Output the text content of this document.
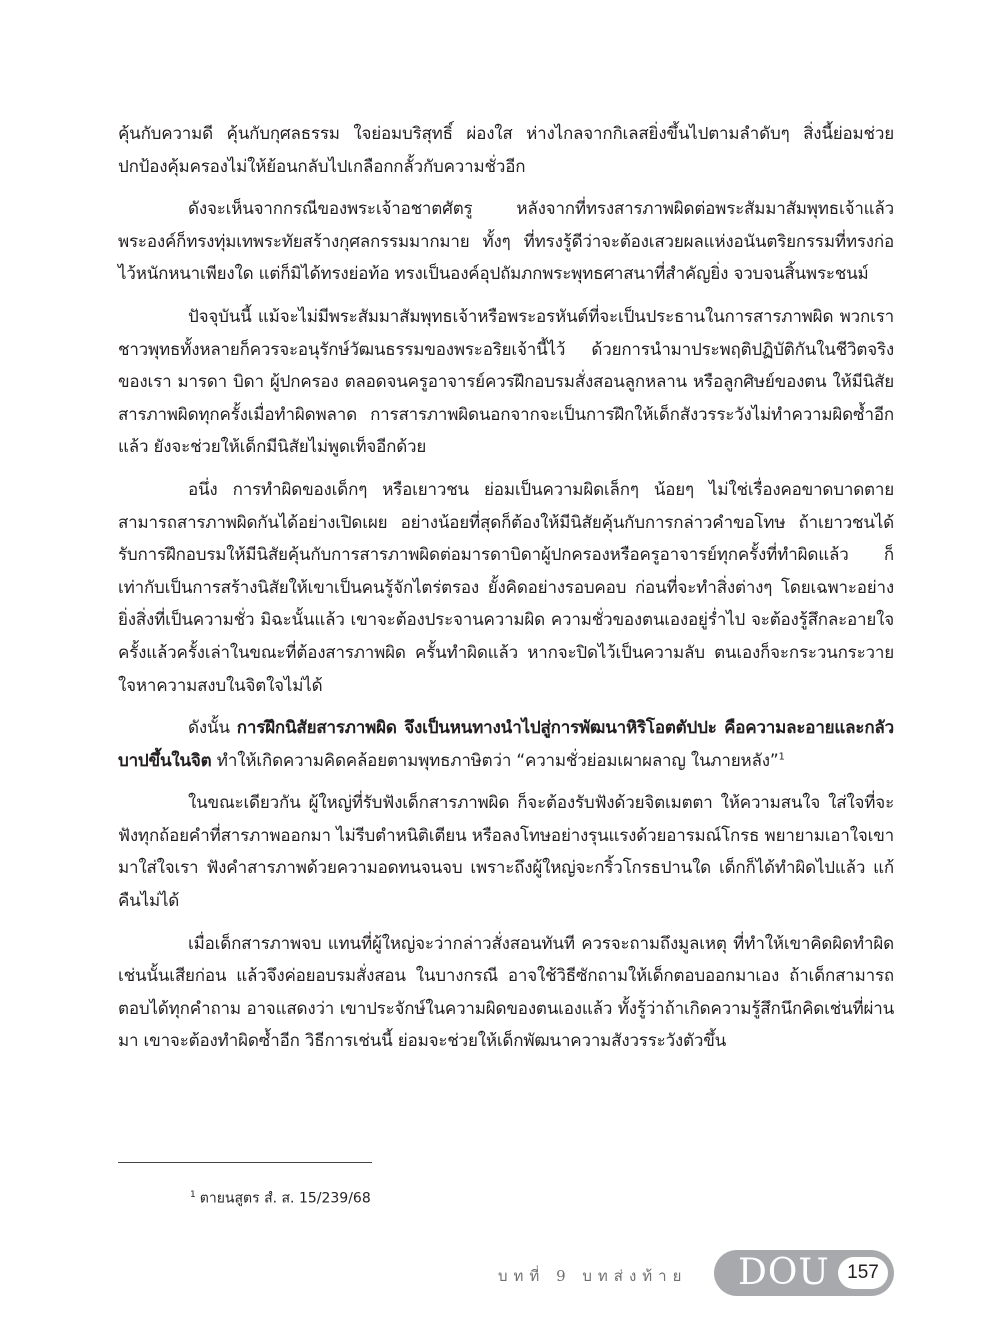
คุ้นกับความดี คุ้นกับกุศลธรรม ใจย่อมบริสุทธิ์ ผ่องใส ห่างไกลจากกิเลสยิ่งขึ้นไปตามลำดับๆ สิ่งนี้ย่อมช่วยปกป้องคุ้มครองไม่ให้ย้อนกลับไปเกลือกกลั้วกับความชั่วอีก

ดังจะเห็นจากกรณีของพระเจ้าอชาตศัตรู หลังจากที่ทรงสารภาพผิดต่อพระสัมมาสัมพุทธเจ้าแล้ว พระองค์ก็ทรงทุ่มเทพระทัยสร้างกุศลกรรมมากมาย ทั้งๆ ที่ทรงรู้ดีว่าจะต้องเสวยผลแห่งอนันตริยกรรมที่ทรงก่อไว้หนักหนาเพียงใด แต่ก็มิได้ทรงย่อท้อ ทรงเป็นองค์อุปถัมภกพระพุทธศาสนาที่สำคัญยิ่ง จวบจนสิ้นพระชนม์

ปัจจุบันนี้ แม้จะไม่มีพระสัมมาสัมพุทธเจ้าหรือพระอรหันต์ที่จะเป็นประธานในการสารภาพผิด พวกเราชาวพุทธทั้งหลายก็ควรจะอนุรักษ์วัฒนธรรมของพระอริยเจ้านี้ไว้ ด้วยการนำมาประพฤติปฏิบัติกันในชีวิตจริงของเรา มารดา บิดา ผู้ปกครอง ตลอดจนครูอาจารย์ควรฝึกอบรมสั่งสอนลูกหลาน หรือลูกศิษย์ของตน ให้มีนิสัยสารภาพผิดทุกครั้งเมื่อทำผิดพลาด การสารภาพผิดนอกจากจะเป็นการฝึกให้เด็กสังวรระวังไม่ทำความผิดซ้ำอีกแล้ว ยังจะช่วยให้เด็กมีนิสัยไม่พูดเท็จอีกด้วย

อนึ่ง การทำผิดของเด็กๆ หรือเยาวชน ย่อมเป็นความผิดเล็กๆ น้อยๆ ไม่ใช่เรื่องคอขาดบาดตาย สามารถสารภาพผิดกันได้อย่างเปิดเผย อย่างน้อยที่สุดก็ต้องให้มีนิสัยคุ้นกับการกล่าวคำขอโทษ ถ้าเยาวชนได้รับการฝึกอบรมให้มีนิสัยคุ้นกับการสารภาพผิดต่อมารดาบิดาผู้ปกครองหรือครูอาจารย์ทุกครั้งที่ทำผิดแล้ว ก็เท่ากับเป็นการสร้างนิสัยให้เขาเป็นคนรู้จักไตร่ตรอง ยั้งคิดอย่างรอบคอบ ก่อนที่จะทำสิ่งต่างๆ โดยเฉพาะอย่างยิ่งสิ่งที่เป็นความชั่ว มิฉะนั้นแล้ว เขาจะต้องประจานความผิด ความชั่วของตนเองอยู่ร่ำไป จะต้องรู้สึกละอายใจครั้งแล้วครั้งเล่าในขณะที่ต้องสารภาพผิด ครั้นทำผิดแล้ว หากจะปิดไว้เป็นความลับ ตนเองก็จะกระวนกระวายใจหาความสงบในจิตใจไม่ได้

ดังนั้น การฝึกนิสัยสารภาพผิด จึงเป็นหนทางนำไปสู่การพัฒนาหิริโอตตัปปะ คือความละอายและกลัวบาปขึ้นในจิต ทำให้เกิดความคิดคล้อยตามพุทธภาษิตว่า “ความชั่วย่อมเผาผลาญ ในภายหลัง”$^1$

ในขณะเดียวกัน ผู้ใหญ่ที่รับฟังเด็กสารภาพผิด ก็จะต้องรับฟังด้วยจิตเมตตา ให้ความสนใจ ใส่ใจที่จะฟังทุกถ้อยคำที่สารภาพออกมา ไม่รีบตำหนิติเตียน หรือลงโทษอย่างรุนแรงด้วยอารมณ์โกรธ พยายามเอาใจเขามาใส่ใจเรา ฟังคำสารภาพด้วยความอดทนจนจบ เพราะถึงผู้ใหญ่จะกริ้วโกรธปานใด เด็กก็ได้ทำผิดไปแล้ว แก้คืนไม่ได้

เมื่อเด็กสารภาพจบ แทนที่ผู้ใหญ่จะว่ากล่าวสั่งสอนทันที ควรจะถามถึงมูลเหตุ ที่ทำให้เขาคิดผิดทำผิดเช่นนั้นเสียก่อน แล้วจึงค่อยอบรมสั่งสอน ในบางกรณี อาจใช้วิธีซักถามให้เด็กตอบออกมาเอง ถ้าเด็กสามารถตอบได้ทุกคำถาม อาจแสดงว่า เขาประจักษ์ในความผิดของตนเองแล้ว ทั้งรู้ว่าถ้าเกิดความรู้สึกนึกคิดเช่นที่ผ่านมา เขาจะต้องทำผิดซ้ำอีก วิธีการเช่นนี้ ย่อมจะช่วยให้เด็กพัฒนาความสังวรระวังตัวขึ้น

$^1$ ตายนสูตร สํ. ส. 15/239/68
บทที่ 9 บทส่งท้าย DOU 157
